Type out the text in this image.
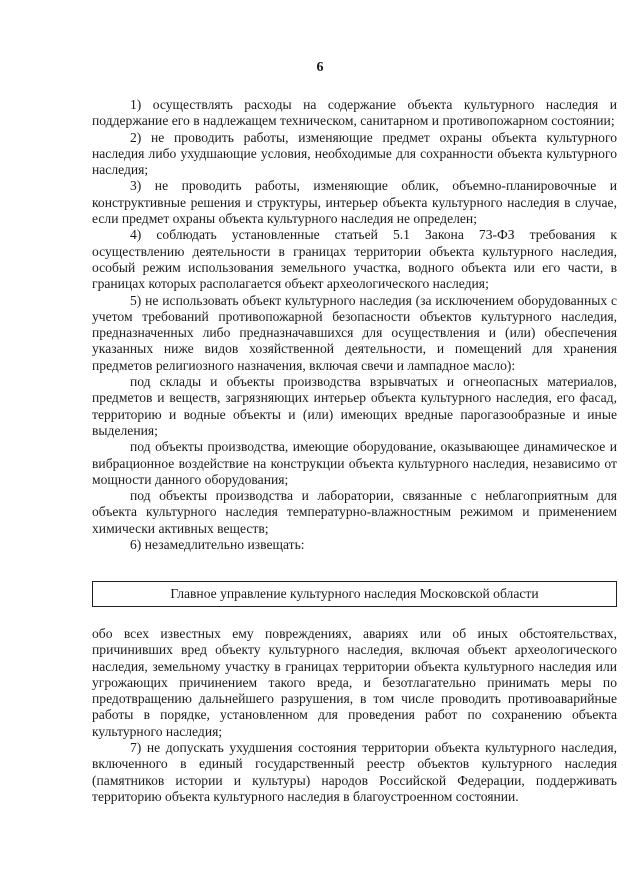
6

1) осуществлять расходы на содержание объекта культурного наследия и поддержание его в надлежащем техническом, санитарном и противопожарном состоянии;

2) не проводить работы, изменяющие предмет охраны объекта культурного наследия либо ухудшающие условия, необходимые для сохранности объекта культурного наследия;

3) не проводить работы, изменяющие облик, объемно-планировочные и конструктивные решения и структуры, интерьер объекта культурного наследия в случае, если предмет охраны объекта культурного наследия не определен;

4) соблюдать установленные статьей 5.1 Закона 73-ФЗ требования к осуществлению деятельности в границах территории объекта культурного наследия, особый режим использования земельного участка, водного объекта или его части, в границах которых располагается объект археологического наследия;

5) не использовать объект культурного наследия (за исключением оборудованных с учетом требований противопожарной безопасности объектов культурного наследия, предназначенных либо предназначавшихся для осуществления и (или) обеспечения указанных ниже видов хозяйственной деятельности, и помещений для хранения предметов религиозного назначения, включая свечи и лампадное масло):

под склады и объекты производства взрывчатых и огнеопасных материалов, предметов и веществ, загрязняющих интерьер объекта культурного наследия, его фасад, территорию и водные объекты и (или) имеющих вредные парогазообразные и иные выделения;

под объекты производства, имеющие оборудование, оказывающее динамическое и вибрационное воздействие на конструкции объекта культурного наследия, независимо от мощности данного оборудования;

под объекты производства и лаборатории, связанные с неблагоприятным для объекта культурного наследия температурно-влажностным режимом и применением химически активных веществ;

6) незамедлительно извещать:

Главное управление культурного наследия Московской области

обо всех известных ему повреждениях, авариях или об иных обстоятельствах, причинивших вред объекту культурного наследия, включая объект археологического наследия, земельному участку в границах территории объекта культурного наследия или угрожающих причинением такого вреда, и безотлагательно принимать меры по предотвращению дальнейшего разрушения, в том числе проводить противоаварийные работы в порядке, установленном для проведения работ по сохранению объекта культурного наследия;

7) не допускать ухудшения состояния территории объекта культурного наследия, включенного в единый государственный реестр объектов культурного наследия (памятников истории и культуры) народов Российской Федерации, поддерживать территорию объекта культурного наследия в благоустроенном состоянии.
